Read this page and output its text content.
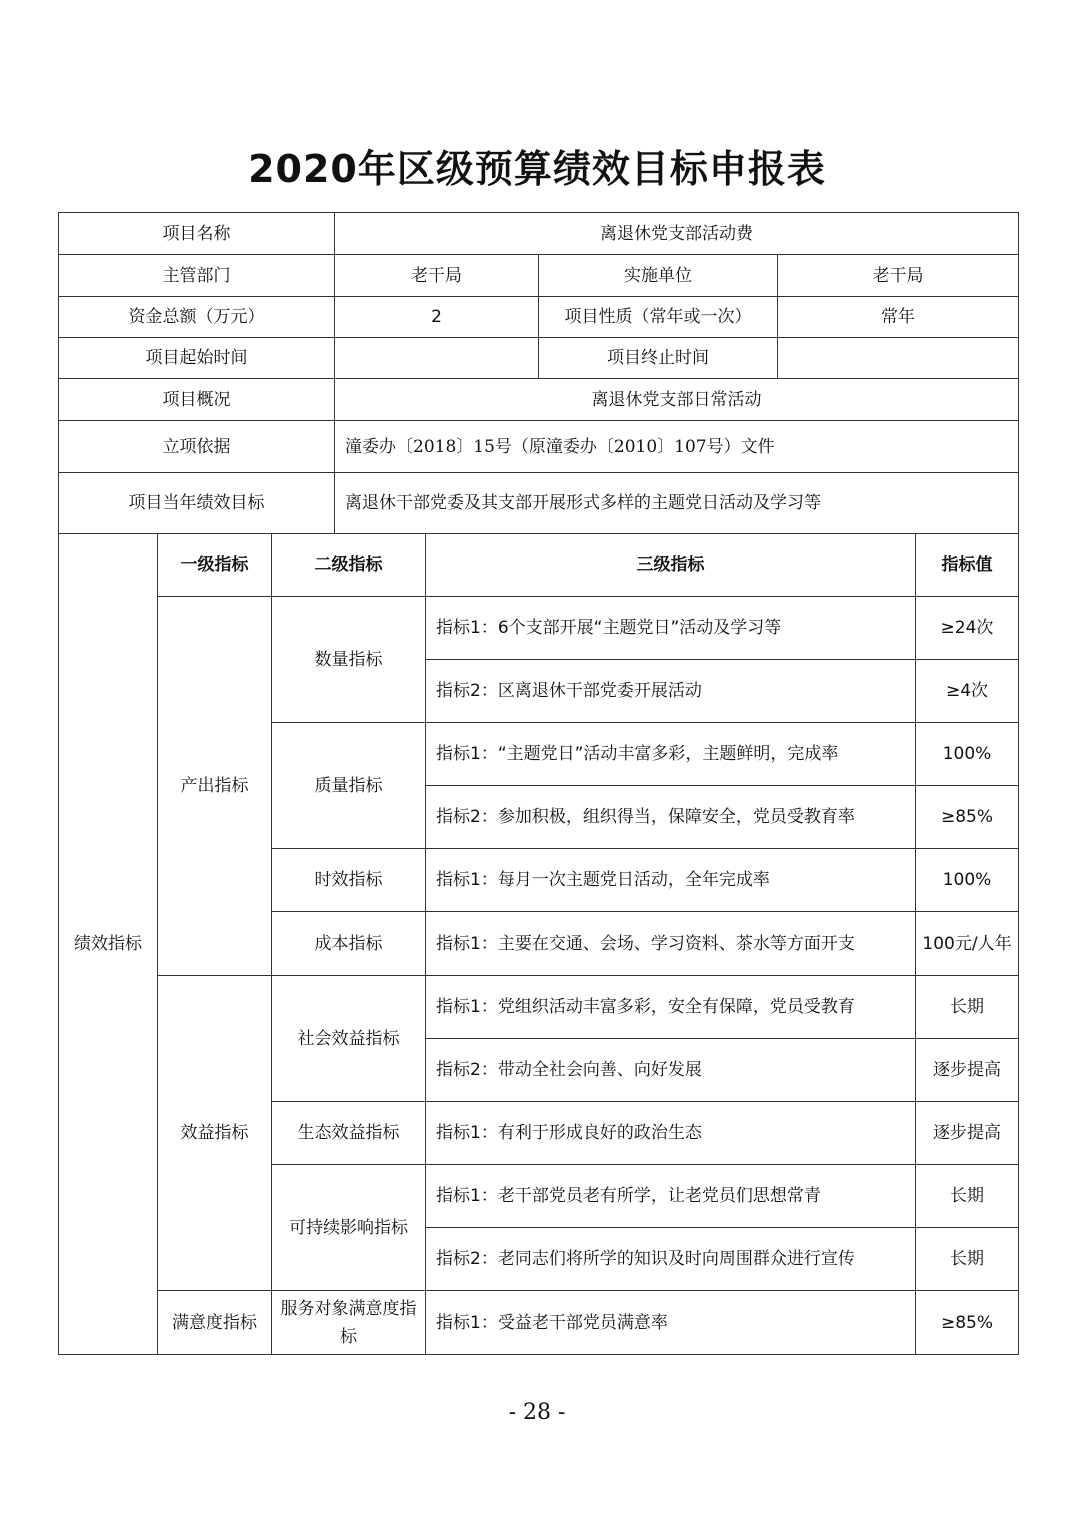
2020年区级预算绩效目标申报表
项目名称	离退休党支部活动费		
主管部门	老干局	实施单位	老干局
资金总额（万元）	2	项目性质（常年或一次）	常年
项目起始时间		项目终止时间	
项目概况	离退休党支部日常活动		
立项依据	潼委办〔2018〕15号（原潼委办〔2010〕107号）文件		
项目当年绩效目标	离退休干部党委及其支部开展形式多样的主题党日活动及学习等		
绩效指标	一级指标	二级指标	三级指标	指标值
	产出指标	数量指标	指标1：6个支部开展“主题党日”活动及学习等	≥24次
			指标2：区离退休干部党委开展活动	≥4次
		质量指标	指标1：“主题党日”活动丰富多彩，主题鲜明，完成率	100%
			指标2：参加积极，组织得当，保障安全，党员受教育率	≥85%
		时效指标	指标1：每月一次主题党日活动，全年完成率	100%
		成本指标	指标1：主要在交通、会场、学习资料、茶水等方面开支	100元/人年
	效益指标	社会效益指标	指标1：党组织活动丰富多彩，安全有保障，党员受教育	长期
			指标2：带动全社会向善、向好发展	逐步提高
		生态效益指标	指标1：有利于形成良好的政治生态	逐步提高
		可持续影响指标	指标1：老干部党员老有所学，让老党员们思想常青	长期
			指标2：老同志们将所学的知识及时向周围群众进行宣传	长期
	满意度指标	服务对象满意度指标	指标1：受益老干部党员满意率	≥85%
- 28 -
